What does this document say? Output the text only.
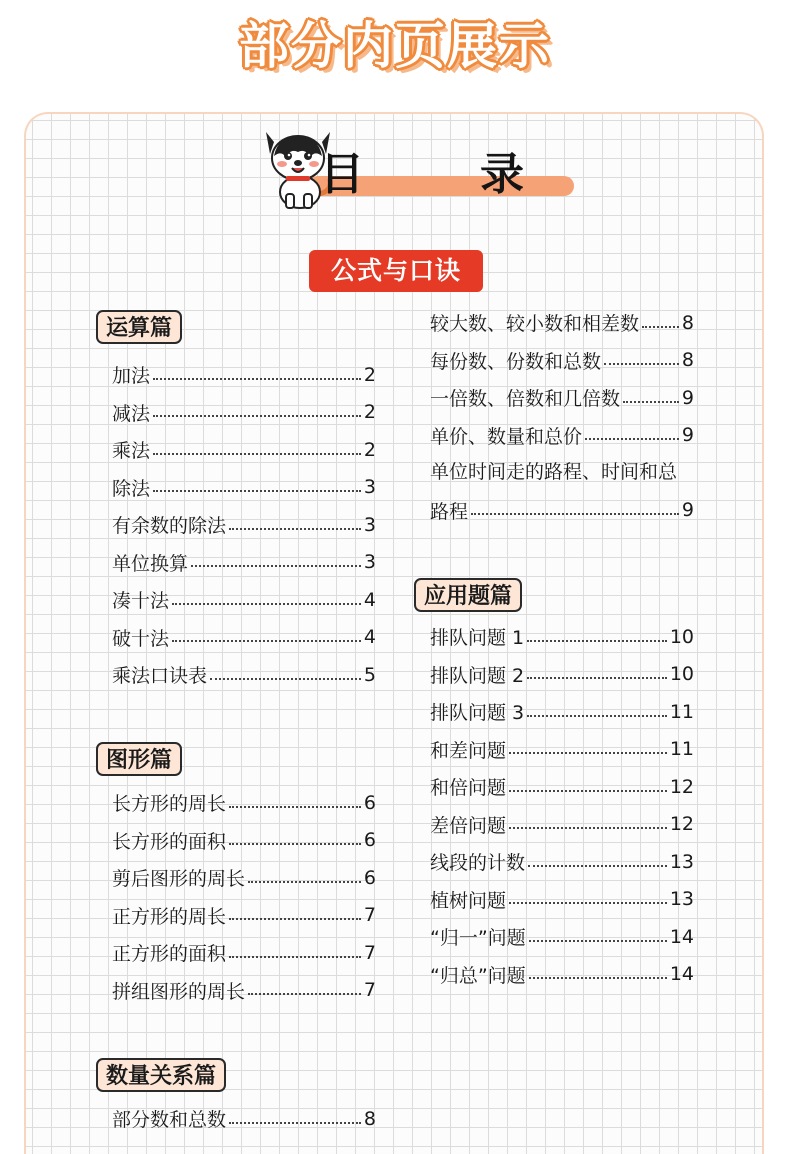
部分内页展示
目	录
公式与口诀
运算篇
加法	2
减法	2
乘法	2
除法	3
有余数的除法	3
单位换算	3
凑十法	4
破十法	4
乘法口诀表	5
图形篇
长方形的周长	6
长方形的面积	6
剪后图形的周长	6
正方形的周长	7
正方形的面积	7
拼组图形的周长	7
数量关系篇
部分数和总数	8
较大数、较小数和相差数 8
每份数、份数和总数	8
一倍数、倍数和几倍数	9
单价、数量和总价	9
单位时间走的路程、时间和总
路程	9
应用题篇
排队问题 1	10
排队问题 2	10
排队问题 3	11
和差问题	11
和倍问题	12
差倍问题	12
线段的计数	13
植树问题	13
“归一”问题	14
“归总”问题	14
